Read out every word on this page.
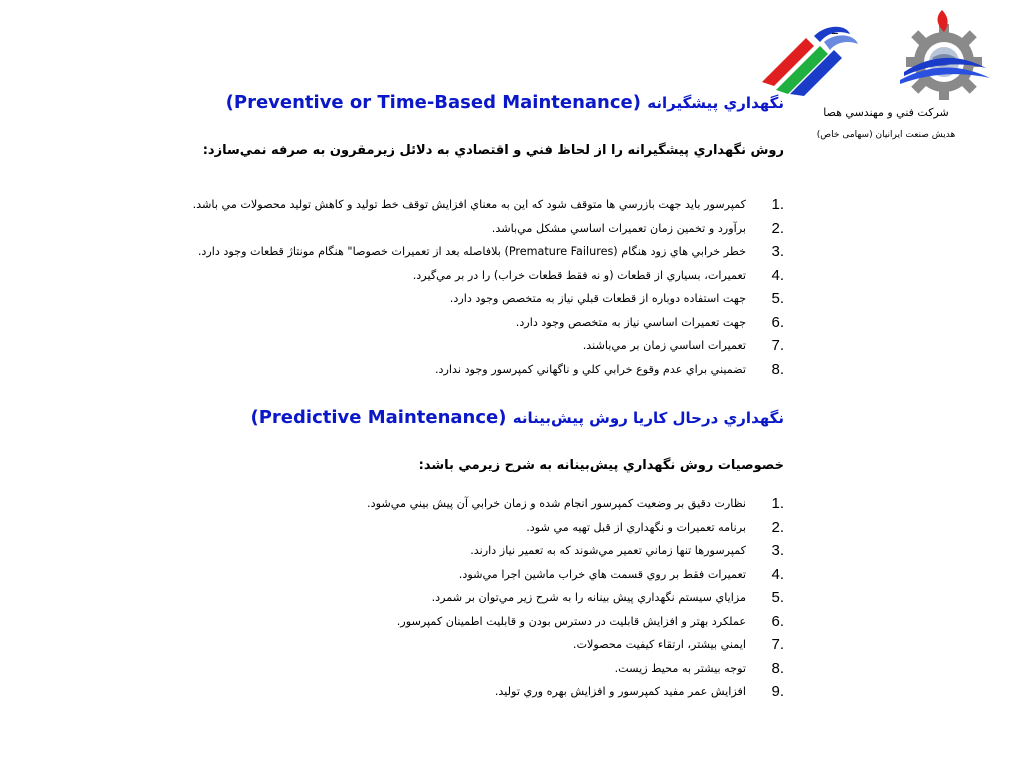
ــ
شرکت فني و مهندسي هصا
هديش صنعت ايرانيان (سهامی خاص)
نگهداري پيشگيرانه (Preventive or Time-Based Maintenance)
روش نگهداري پيشگيرانه را از لحاظ فني و اقتصادي به دلائل زيرمقرون به صرفه نمي‌سازد:
1.
کمپرسور بايد جهت بازرسي ها متوقف شود که اين به معناي افزايش توقف خط توليد و کاهش توليد محصولات مي باشد.
2.
برآورد و تخمين زمان تعميرات اساسي مشکل مي‌باشد.
3.
خطر خرابي هاي زود هنگام (Premature Failures) بلافاصله بعد از تعميرات خصوصا" هنگام مونتاژ قطعات وجود دارد.
4.
تعميرات، بسياري از قطعات (و نه فقط قطعات خراب) را در بر مي‌گيرد.
5.
جهت استفاده دوباره از قطعات قبلي نياز به متخصص وجود دارد.
6.
جهت تعميرات اساسي نياز به متخصص وجود دارد.
7.
تعميرات اساسي زمان بر مي‌باشند.
8.
تضميني براي عدم وقوع خرابي کلي و ناگهاني کمپرسور وجود ندارد.
نگهداري درحال کاريا روش پيش‌بينانه (Predictive Maintenance)
خصوصيات روش نگهداري پيش‌بينانه به شرح زيرمي باشد:
1.
نظارت دقيق بر وضعيت کمپرسور انجام شده و زمان خرابي آن پيش بيني مي‌شود.
2.
برنامه تعميرات و نگهداري از قبل تهيه مي شود.
3.
کمپرسورها تنها زماني تعمير مي‌شوند که به تعمير نياز دارند.
4.
تعميرات فقط بر روي قسمت هاي خراب ماشين اجرا مي‌شود.
5.
مزاياي سيستم نگهداري پيش بينانه را به شرح زير مي‌توان بر شمرد.
6.
عملکرد بهتر و افزايش قابليت در دسترس بودن و قابليت اطمينان کمپرسور.
7.
ايمني بيشتر، ارتقاء کيفيت محصولات.
8.
توجه بيشتر به محيط زيست.
9.
افزايش عمر مفيد کمپرسور و افزايش بهره وري توليد.
